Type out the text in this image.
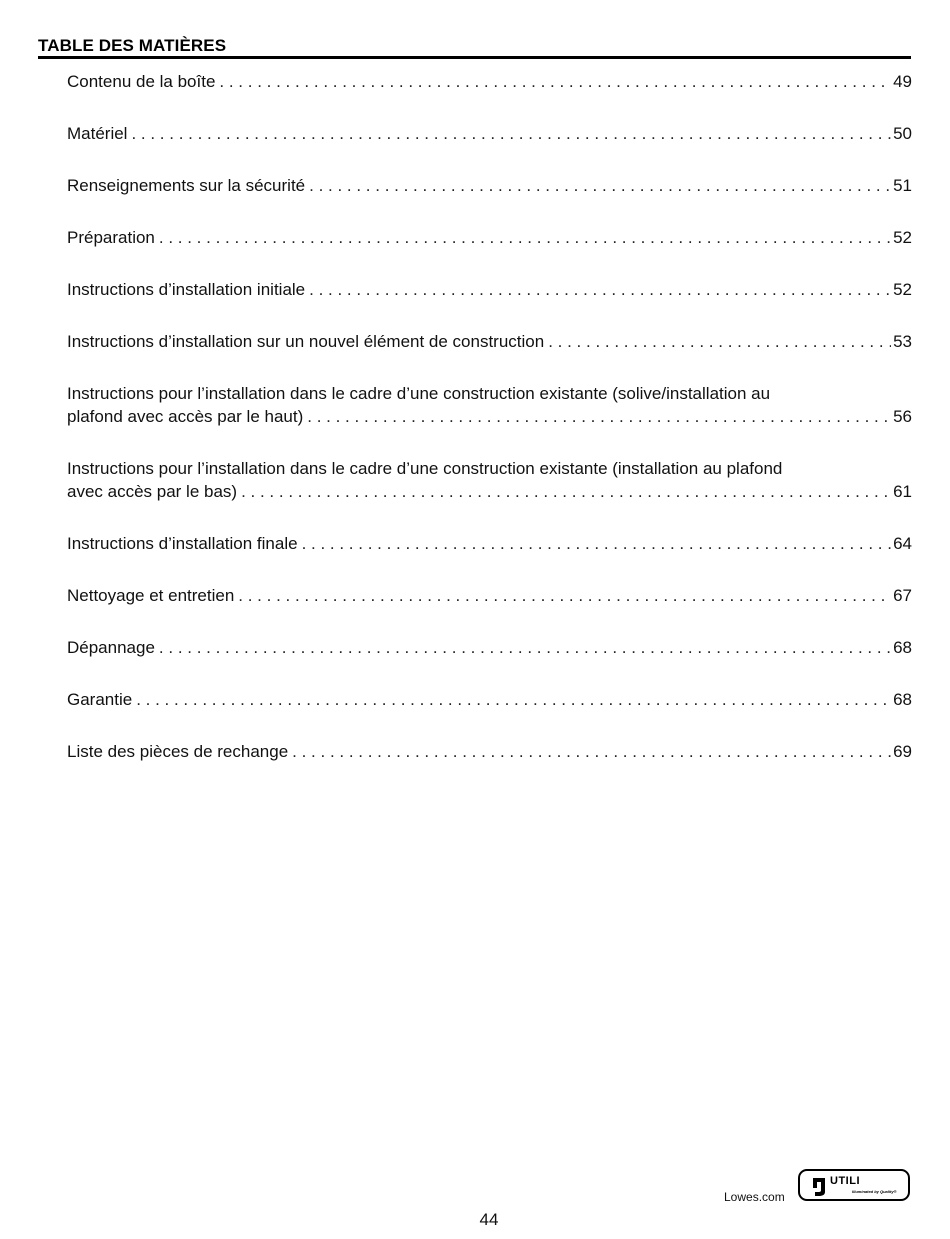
TABLE DES MATIÈRES
Contenu de la boîte . . .	49
Matériel . . .	50
Renseignements sur la sécurité . . .	51
Préparation . . .	52
Instructions d’installation initiale . . .	52
Instructions d’installation sur un nouvel élément de construction . . .	53
Instructions pour l’installation dans le cadre d’une construction existante (solive/installation au
plafond avec accès par le haut) . . .	56
Instructions pour l’installation dans le cadre d’une construction existante (installation au plafond
avec accès par le bas) . . .	61
Instructions d’installation finale . . .	64
Nettoyage et entretien . . .	67
Dépannage . . .	68
Garantie . . .	68
Liste des pièces de rechange . . .	69
Lowes.com
UTILI
Illuminated by Quality®
44
